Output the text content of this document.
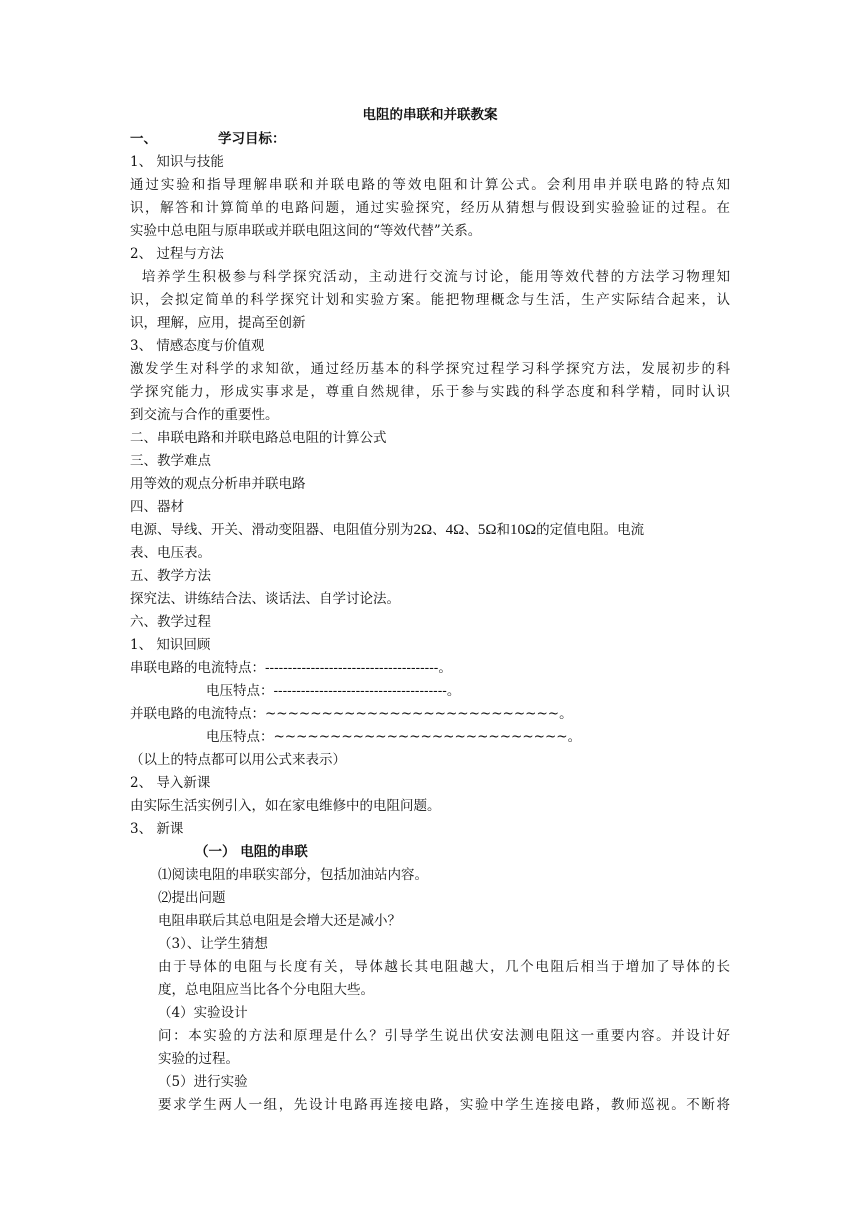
电阻的串联和并联教案
一、	学习目标：
1、 知识与技能
通过实验和指导理解串联和并联电路的等效电阻和计算公式。会利用串并联电路的特点知
识，解答和计算简单的电路问题，通过实验探究，经历从猜想与假设到实验验证的过程。在
实验中总电阻与原串联或并联电阻这间的“等效代替”关系。
2、 过程与方法
培养学生积极参与科学探究活动，主动进行交流与讨论，能用等效代替的方法学习物理知
识，会拟定简单的科学探究计划和实验方案。能把物理概念与生活，生产实际结合起来，认
识，理解，应用，提高至创新
3、 情感态度与价值观
激发学生对科学的求知欲，通过经历基本的科学探究过程学习科学探究方法，发展初步的科
学探究能力，形成实事求是，尊重自然规律，乐于参与实践的科学态度和科学精，同时认识
到交流与合作的重要性。
二、串联电路和并联电路总电阻的计算公式
三、教学难点
用等效的观点分析串并联电路
四、器材
电源、导线、开关、滑动变阻器、电阻值分别为2Ω、4Ω、5Ω和10Ω的定值电阻。电流
表、电压表。
五、教学方法
探究法、讲练结合法、谈话法、自学讨论法。
六、教学过程
1、 知识回顾
串联电路的电流特点：--------------------------------------。
电压特点：--------------------------------------。
并联电路的电流特点：~~~~~~~~~~~~~~~~~~~~~~~~~~。
电压特点：~~~~~~~~~~~~~~~~~~~~~~~~~~。
（以上的特点都可以用公式来表示）
2、 导入新课
由实际生活实例引入，如在家电维修中的电阻问题。
3、 新课
（一） 电阻的串联
⑴阅读电阻的串联实部分，包括加油站内容。
⑵提出问题
电阻串联后其总电阻是会增大还是减小？
（3）、让学生猜想
由于导体的电阻与长度有关，导体越长其电阻越大，几个电阻后相当于增加了导体的长
度，总电阻应当比各个分电阻大些。
（4）实验设计
问：本实验的方法和原理是什么？引导学生说出伏安法测电阻这一重要内容。并设计好
实验的过程。
（5）进行实验
要求学生两人一组，先设计电路再连接电路，实验中学生连接电路，教师巡视。不断将
